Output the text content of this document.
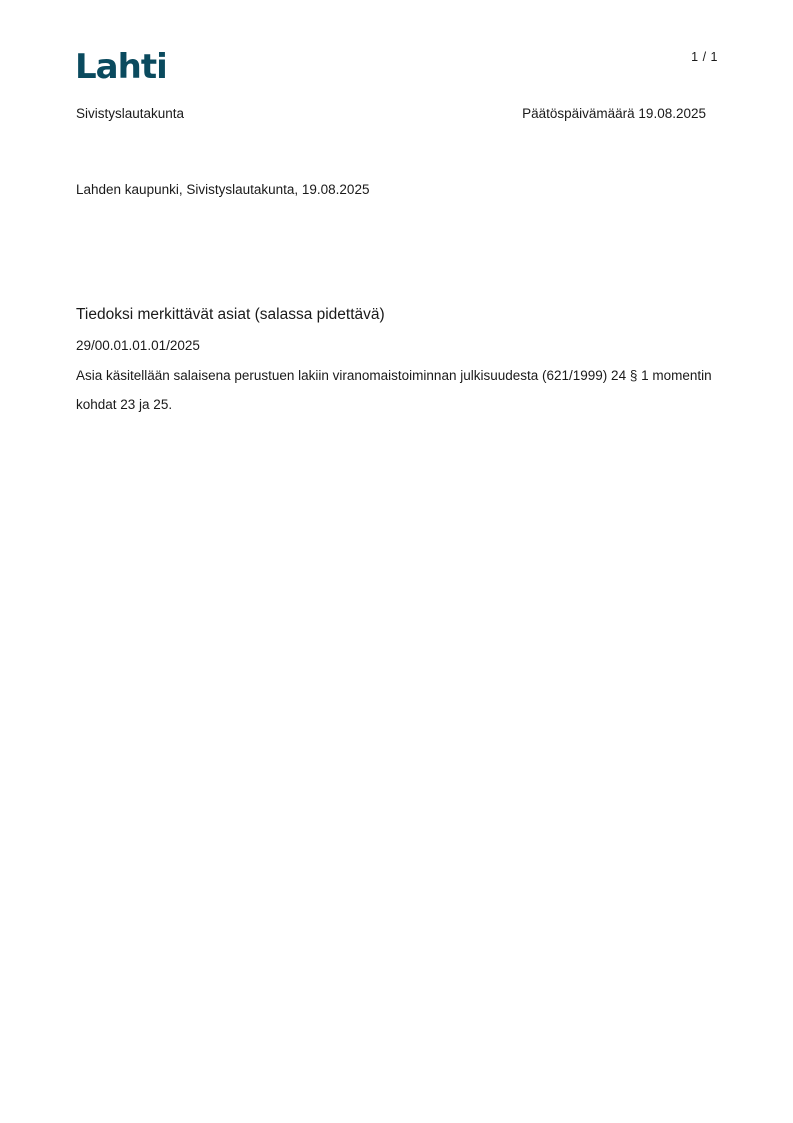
Lahti	1 / 1
Sivistyslautakunta	Päätöspäivämäärä 19.08.2025
Lahden kaupunki, Sivistyslautakunta, 19.08.2025
Tiedoksi merkittävät asiat (salassa pidettävä)

29/00.01.01.01/2025

Asia käsitellään salaisena perustuen lakiin viranomaistoiminnan julkisuudesta (621/1999) 24 § 1 momentin kohdat 23 ja 25.
